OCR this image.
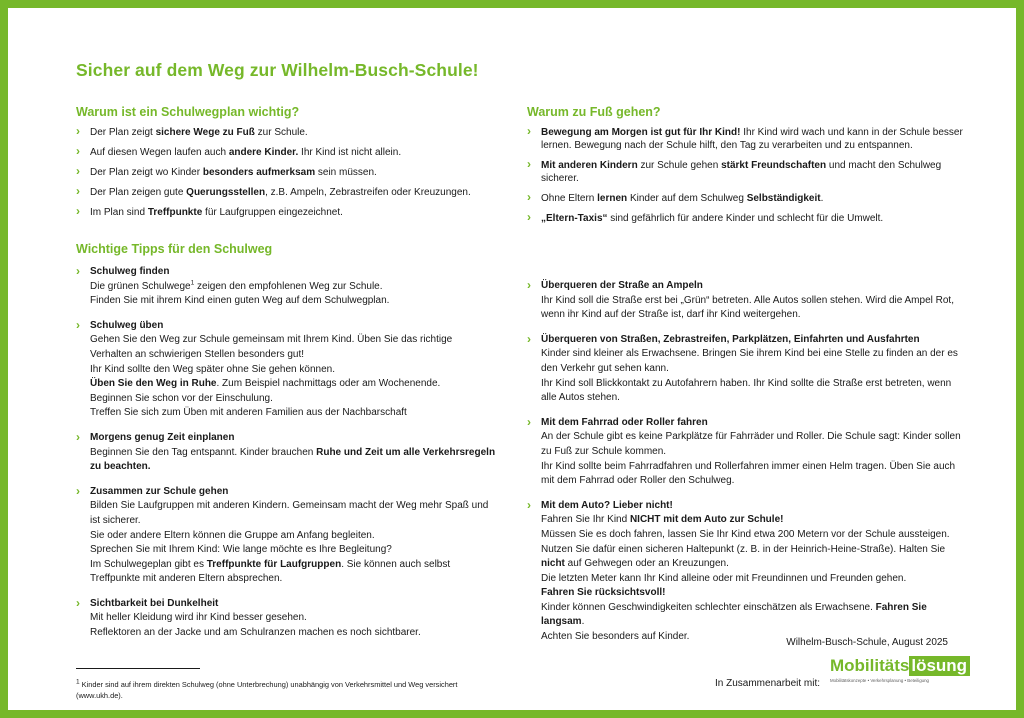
Sicher auf dem Weg zur Wilhelm-Busch-Schule!
Warum ist ein Schulwegplan wichtig?
› Der Plan zeigt sichere Wege zu Fuß zur Schule.
› Auf diesen Wegen laufen auch andere Kinder. Ihr Kind ist nicht allein.
› Der Plan zeigt wo Kinder besonders aufmerksam sein müssen.
› Der Plan zeigen gute Querungsstellen, z.B. Ampeln, Zebrastreifen oder Kreuzungen.
› Im Plan sind Treffpunkte für Laufgruppen eingezeichnet.
Warum zu Fuß gehen?
› Bewegung am Morgen ist gut für Ihr Kind! Ihr Kind wird wach und kann in der Schule besser lernen. Bewegung nach der Schule hilft, den Tag zu verarbeiten und zu entspannen.
› Mit anderen Kindern zur Schule gehen stärkt Freundschaften und macht den Schulweg sicherer.
› Ohne Eltern lernen Kinder auf dem Schulweg Selbständigkeit.
› „Eltern-Taxis“ sind gefährlich für andere Kinder und schlecht für die Umwelt.
Wichtige Tipps für den Schulweg
› Schulweg finden
Die grünen Schulwege$^1$ zeigen den empfohlenen Weg zur Schule.
Finden Sie mit ihrem Kind einen guten Weg auf dem Schulwegplan.
› Schulweg üben
Gehen Sie den Weg zur Schule gemeinsam mit Ihrem Kind. Üben Sie das richtige Verhalten an schwierigen Stellen besonders gut!
Ihr Kind sollte den Weg später ohne Sie gehen können.
Üben Sie den Weg in Ruhe. Zum Beispiel nachmittags oder am Wochenende.
Beginnen Sie schon vor der Einschulung.
Treffen Sie sich zum Üben mit anderen Familien aus der Nachbarschaft
› Morgens genug Zeit einplanen
Beginnen Sie den Tag entspannt. Kinder brauchen Ruhe und Zeit um alle Verkehrsregeln zu beachten.
› Zusammen zur Schule gehen
Bilden Sie Laufgruppen mit anderen Kindern. Gemeinsam macht der Weg mehr Spaß und ist sicherer.
Sie oder andere Eltern können die Gruppe am Anfang begleiten.
Sprechen Sie mit Ihrem Kind: Wie lange möchte es Ihre Begleitung?
Im Schulwegeplan gibt es Treffpunkte für Laufgruppen. Sie können auch selbst Treffpunkte mit anderen Eltern absprechen.
› Sichtbarkeit bei Dunkelheit
Mit heller Kleidung wird ihr Kind besser gesehen.
Reflektoren an der Jacke und am Schulranzen machen es noch sichtbarer.
› Überqueren der Straße an Ampeln
Ihr Kind soll die Straße erst bei „Grün“ betreten. Alle Autos sollen stehen. Wird die Ampel Rot, wenn ihr Kind auf der Straße ist, darf ihr Kind weitergehen.
› Überqueren von Straßen, Zebrastreifen, Parkplätzen, Einfahrten und Ausfahrten
Kinder sind kleiner als Erwachsene. Bringen Sie ihrem Kind bei eine Stelle zu finden an der es den Verkehr gut sehen kann.
Ihr Kind soll Blickkontakt zu Autofahrern haben. Ihr Kind sollte die Straße erst betreten, wenn alle Autos stehen.
› Mit dem Fahrrad oder Roller fahren
An der Schule gibt es keine Parkplätze für Fahrräder und Roller. Die Schule sagt: Kinder sollen zu Fuß zur Schule kommen.
Ihr Kind sollte beim Fahrradfahren und Rollerfahren immer einen Helm tragen. Üben Sie auch mit dem Fahrrad oder Roller den Schulweg.
› Mit dem Auto? Lieber nicht!
Fahren Sie Ihr Kind NICHT mit dem Auto zur Schule!
Müssen Sie es doch fahren, lassen Sie Ihr Kind etwa 200 Metern vor der Schule aussteigen. Nutzen Sie dafür einen sicheren Haltepunkt (z. B. in der Heinrich-Heine-Straße). Halten Sie nicht auf Gehwegen oder an Kreuzungen.
Die letzten Meter kann Ihr Kind alleine oder mit Freundinnen und Freunden gehen.
Fahren Sie rücksichtsvoll!
Kinder können Geschwindigkeiten schlechter einschätzen als Erwachsene. Fahren Sie langsam.
Achten Sie besonders auf Kinder.
Wilhelm-Busch-Schule, August 2025
1 Kinder sind auf ihrem direkten Schulweg (ohne Unterbrechung) unabhängig von Verkehrsmittel und Weg versichert (www.ukh.de).
In Zusammenarbeit mit:
Mobilitäts lösung
Mobilitätskonzepte • Verkehrsplanung • Beteiligung
